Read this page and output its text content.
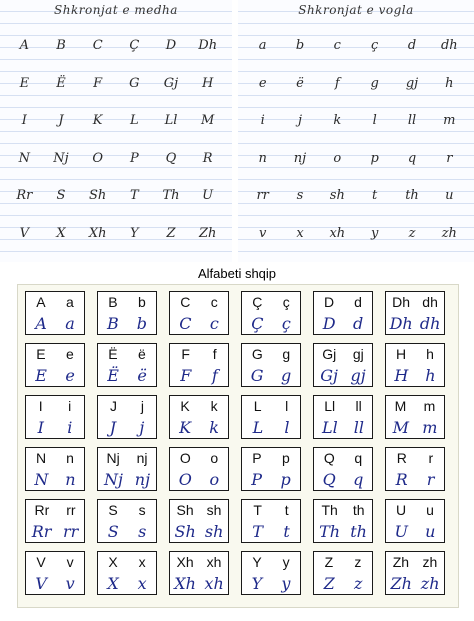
Shkronjat e medha
A	B	C	Ç	D	Dh
E	Ë	F	G	Gj	H
I	J	K	L	Ll	M
N	Nj	O	P	Q	R
Rr	S	Sh	T	Th	U
V	X	Xh	Y	Z	Zh
Shkronjat e vogla
a	b	c	ç	d	dh
e	ë	f	g	gj	h
i	j	k	l	ll	m
n	nj	o	p	q	r
rr	s	sh	t	th	u
v	x	xh	y	z	zh
Alfabeti shqip
A a
A a
B b
B b
C c
C c
Ç ç
Ç ç
D d
D d
Dh dh
Dh dh
E e
E e
Ë ë
Ë ë
F f
F f
G g
G g
Gj gj
Gj gj
H h
H h
I i
I i
J j
J j
K k
K k
L l
L l
Ll ll
Ll ll
M m
M m
N n
N n
Nj nj
Nj nj
O o
O o
P p
P p
Q q
Q q
R r
R r
Rr rr
Rr rr
S s
S s
Sh sh
Sh sh
T t
T t
Th th
Th th
U u
U u
V v
V v
X x
X x
Xh xh
Xh xh
Y y
Y y
Z z
Z z
Zh zh
Zh zh
